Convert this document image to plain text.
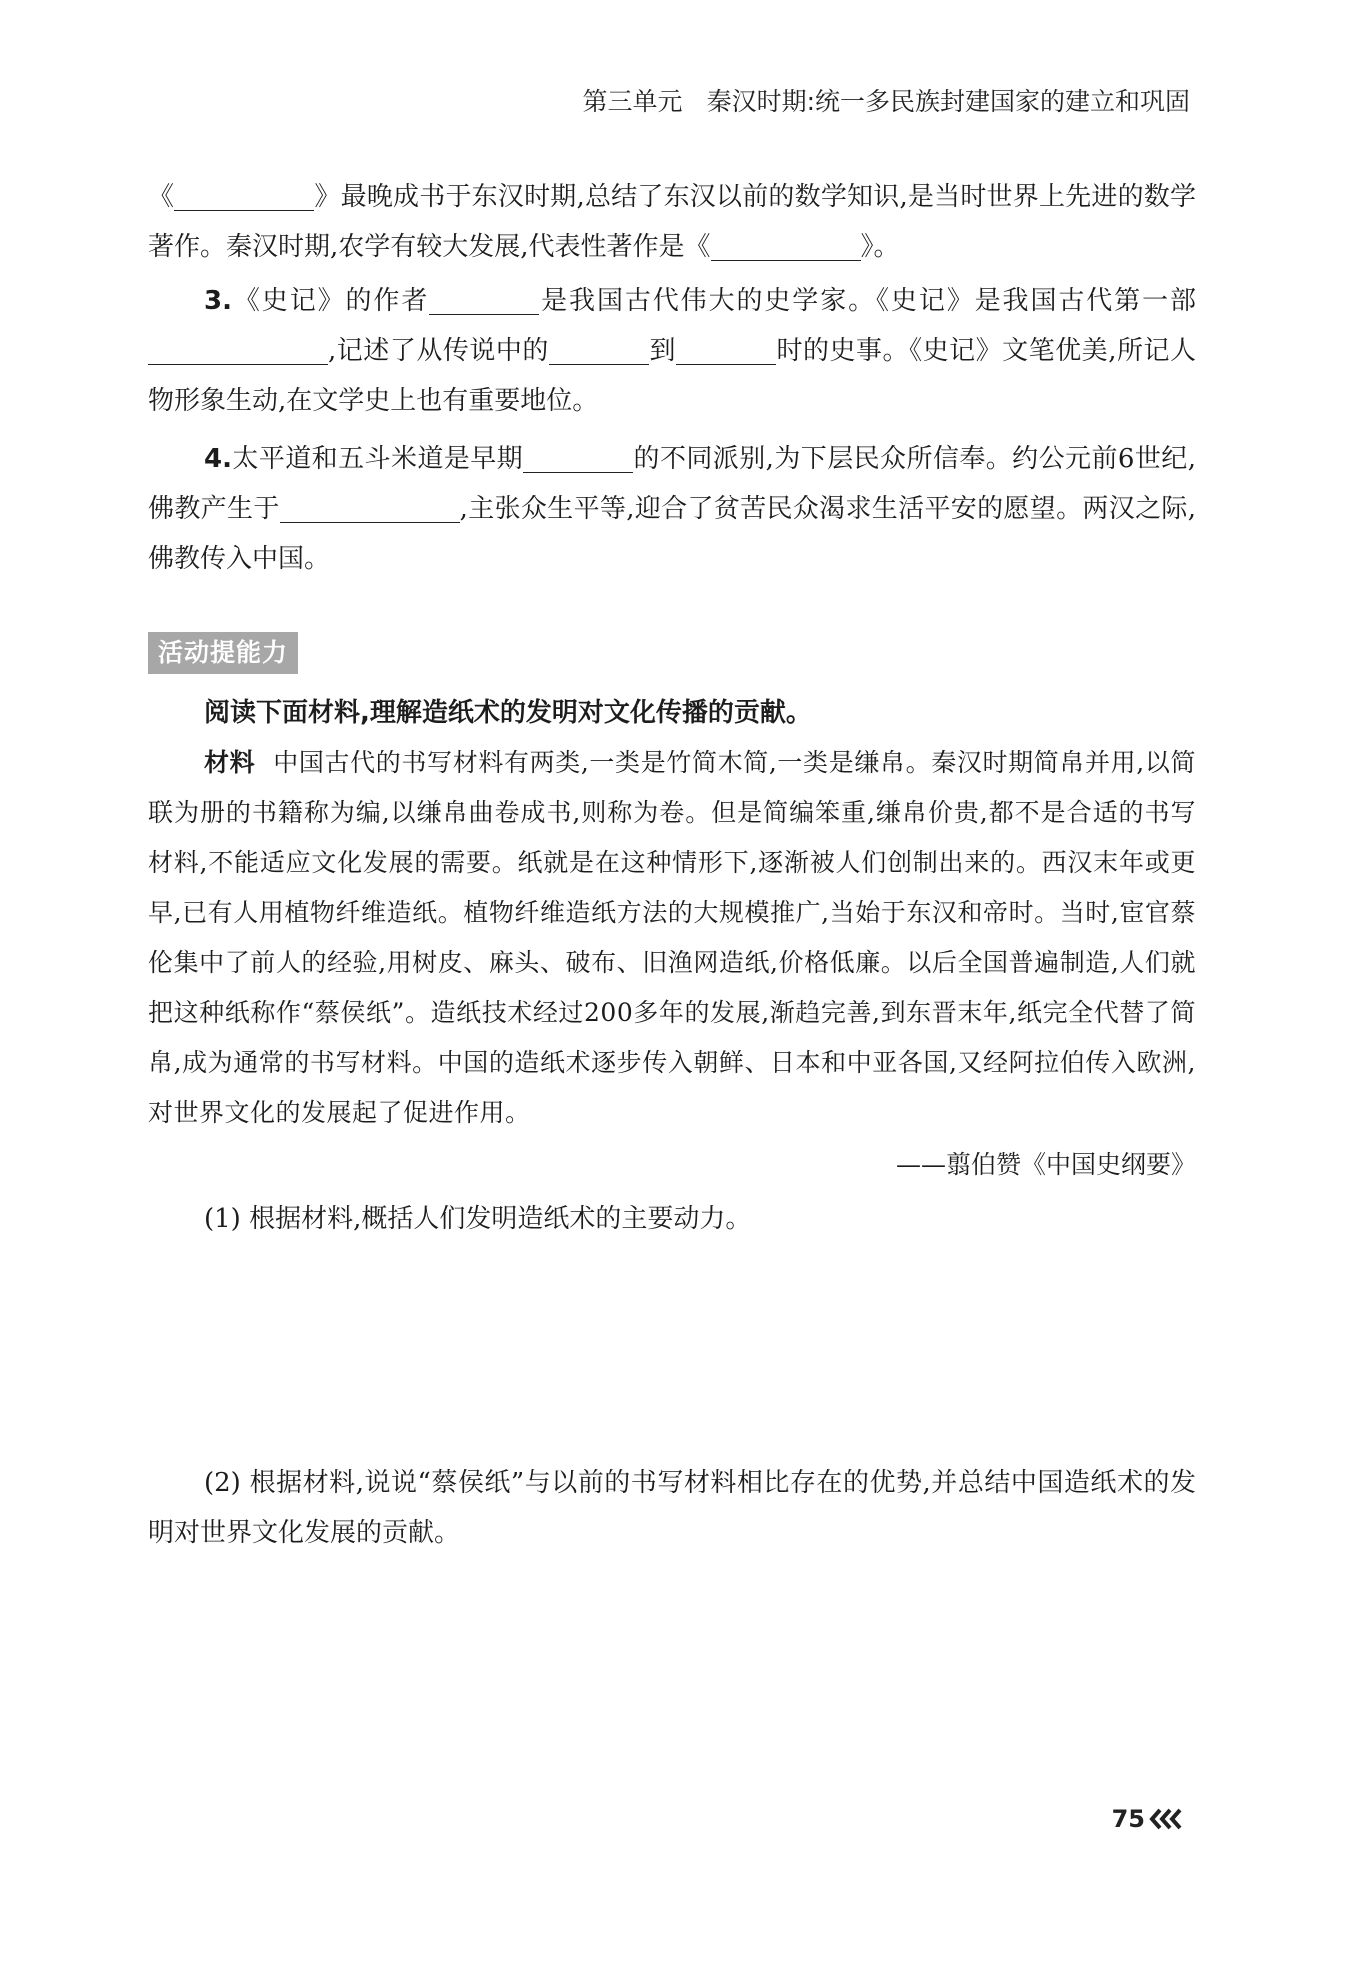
第三单元 秦汉时期:统一多民族封建国家的建立和巩固

《	》最晚成书于东汉时期,总结了东汉以前的数学知识,是当时世界上先进的数学著作。秦汉时期,农学有较大发展,代表性著作是《	》。

3.《史记》的作者	是我国古代伟大的史学家。《史记》是我国古代第一部,记述了从传说中的	到	时的史事。《史记》文笔优美,所记人物形象生动,在文学史上也有重要地位。

4.太平道和五斗米道是早期	的不同派别,为下层民众所信奉。约公元前6世纪,佛教产生于	,主张众生平等,迎合了贫苦民众渴求生活平安的愿望。两汉之际,佛教传入中国。

活动提能力

阅读下面材料,理解造纸术的发明对文化传播的贡献。

材料 中国古代的书写材料有两类,一类是竹简木简,一类是缣帛。秦汉时期简帛并用,以简联为册的书籍称为编,以缣帛曲卷成书,则称为卷。但是简编笨重,缣帛价贵,都不是合适的书写材料,不能适应文化发展的需要。纸就是在这种情形下,逐渐被人们创制出来的。西汉末年或更早,已有人用植物纤维造纸。植物纤维造纸方法的大规模推广,当始于东汉和帝时。当时,宦官蔡伦集中了前人的经验,用树皮、麻头、破布、旧渔网造纸,价格低廉。以后全国普遍制造,人们就把这种纸称作“蔡侯纸”。造纸技术经过200多年的发展,渐趋完善,到东晋末年,纸完全代替了简帛,成为通常的书写材料。中国的造纸术逐步传入朝鲜、日本和中亚各国,又经阿拉伯传入欧洲,对世界文化的发展起了促进作用。

——翦伯赞《中国史纲要》

(1) 根据材料,概括人们发明造纸术的主要动力。

(2) 根据材料,说说“蔡侯纸”与以前的书写材料相比存在的优势,并总结中国造纸术的发明对世界文化发展的贡献。

75
